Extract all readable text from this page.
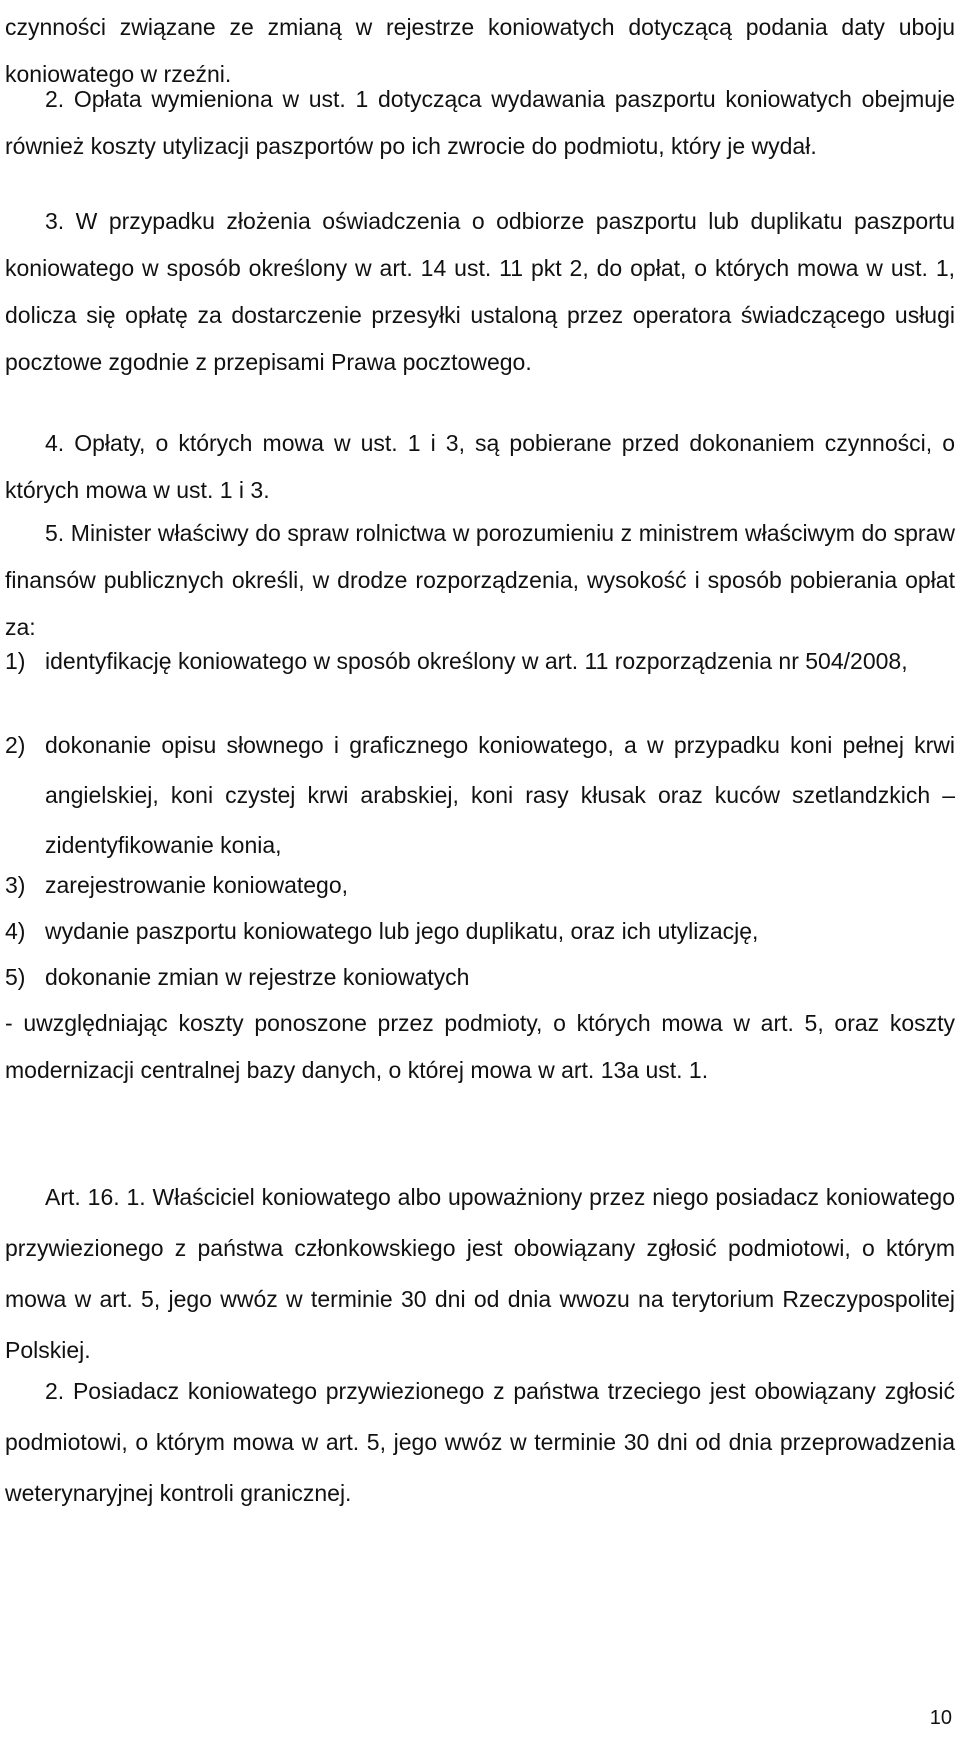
czynności związane ze zmianą w rejestrze koniowatych dotyczącą podania daty uboju koniowatego w rzeźni.

2. Opłata wymieniona w ust. 1 dotycząca wydawania paszportu koniowatych obejmuje również koszty utylizacji paszportów po ich zwrocie do podmiotu, który je wydał.

3. W przypadku złożenia oświadczenia o odbiorze paszportu lub duplikatu paszportu koniowatego w sposób określony w art. 14 ust. 11 pkt 2, do opłat, o których mowa w ust. 1, dolicza się opłatę za dostarczenie przesyłki ustaloną przez operatora świadczącego usługi pocztowe zgodnie z przepisami Prawa pocztowego.

4. Opłaty, o których mowa w ust. 1 i 3, są pobierane przed dokonaniem czynności, o których mowa w ust. 1 i 3.

5. Minister właściwy do spraw rolnictwa w porozumieniu z ministrem właściwym do spraw finansów publicznych określi, w drodze rozporządzenia, wysokość i sposób pobierania opłat za:

1) identyfikację koniowatego w sposób określony w art. 11 rozporządzenia nr 504/2008,
2) dokonanie opisu słownego i graficznego koniowatego, a w przypadku koni pełnej krwi angielskiej, koni czystej krwi arabskiej, koni rasy kłusak oraz kuców szetlandzkich – zidentyfikowanie konia,
3) zarejestrowanie koniowatego,
4) wydanie paszportu koniowatego lub jego duplikatu, oraz ich utylizację,
5) dokonanie zmian w rejestrze koniowatych

- uwzględniając koszty ponoszone przez podmioty, o których mowa w art. 5, oraz koszty modernizacji centralnej bazy danych, o której mowa w art. 13a ust. 1.

Art. 16. 1. Właściciel koniowatego albo upoważniony przez niego posiadacz koniowatego przywiezionego z państwa członkowskiego jest obowiązany zgłosić podmiotowi, o którym mowa w art. 5, jego wwóz w terminie 30 dni od dnia wwozu na terytorium Rzeczypospolitej Polskiej.

2. Posiadacz koniowatego przywiezionego z państwa trzeciego jest obowiązany zgłosić podmiotowi, o którym mowa w art. 5, jego wwóz w terminie 30 dni od dnia przeprowadzenia weterynaryjnej kontroli granicznej.

10
